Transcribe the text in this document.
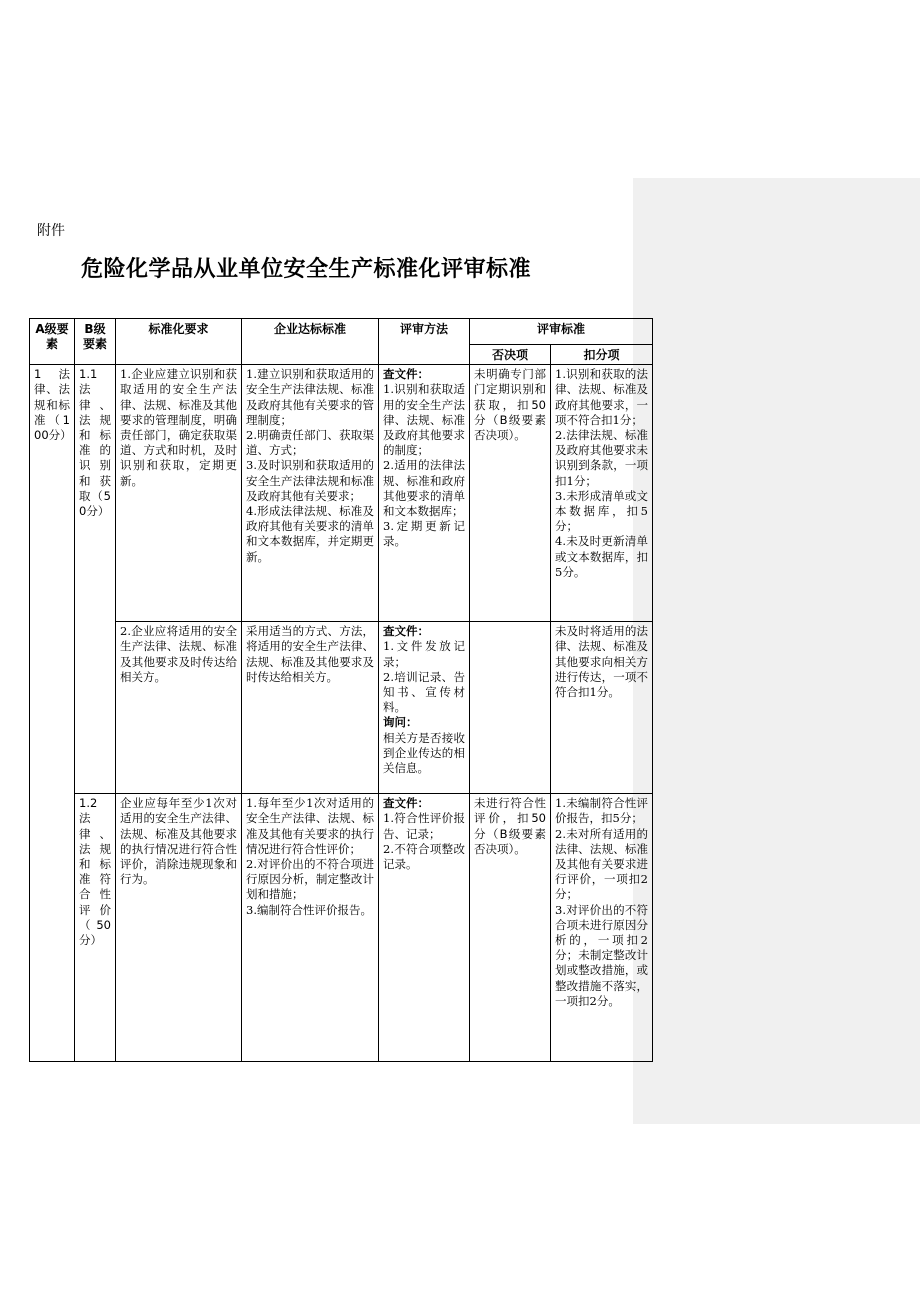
附件
危险化学品从业单位安全生产标准化评审标准
A级要素	B级要素	标准化要求	企业达标标准	评审方法	评审标准	
					否决项	扣分项
1 法律、法规和标准（100分）	1.1 法律、法规和标准的识别和获取（50分）	1.企业应建立识别和获取适用的安全生产法律、法规、标准及其他要求的管理制度，明确责任部门，确定获取渠道、方式和时机，及时识别和获取，定期更新。	1.建立识别和获取适用的安全生产法律法规、标准及政府其他有关要求的管理制度；
2.明确责任部门、获取渠道、方式；
3.及时识别和获取适用的安全生产法律法规和标准及政府其他有关要求；
4.形成法律法规、标准及政府其他有关要求的清单和文本数据库，并定期更新。	查文件：
1.识别和获取适用的安全生产法律、法规、标准及政府其他要求的制度；
2.适用的法律法规、标准和政府其他要求的清单和文本数据库；
3.定期更新记录。	未明确专门部门定期识别和获取，扣50分（B级要素否决项）。	1.识别和获取的法律、法规、标准及政府其他要求，一项不符合扣1分；
2.法律法规、标准及政府其他要求未识别到条款，一项扣1分；
3.未形成清单或文本数据库，扣5分；
4.未及时更新清单或文本数据库，扣5分。

		2.企业应将适用的安全生产法律、法规、标准及其他要求及时传达给相关方。	采用适当的方式、方法，将适用的安全生产法律、法规、标准及其他要求及时传达给相关方。	查文件：
1.文件发放记录；
2.培训记录、告知书、宣传材料。
询问：
相关方是否接收到企业传达的相关信息。		未及时将适用的法律、法规、标准及其他要求向相关方进行传达，一项不符合扣1分。

	1.2 法律、法规和标准符合性评价（50分）	企业应每年至少1次对适用的安全生产法律、法规、标准及其他要求的执行情况进行符合性评价，消除违规现象和行为。	1.每年至少1次对适用的安全生产法律、法规、标准及其他有关要求的执行情况进行符合性评价；
2.对评价出的不符合项进行原因分析，制定整改计划和措施；
3.编制符合性评价报告。	查文件：
1.符合性评价报告、记录；
2.不符合项整改记录。	未进行符合性评价，扣50分（B级要素否决项）。	1.未编制符合性评价报告，扣5分；
2.未对所有适用的法律、法规、标准及其他有关要求进行评价，一项扣2分；
3.对评价出的不符合项未进行原因分析的，一项扣2分；未制定整改计划或整改措施，或整改措施不落实，一项扣2分。
